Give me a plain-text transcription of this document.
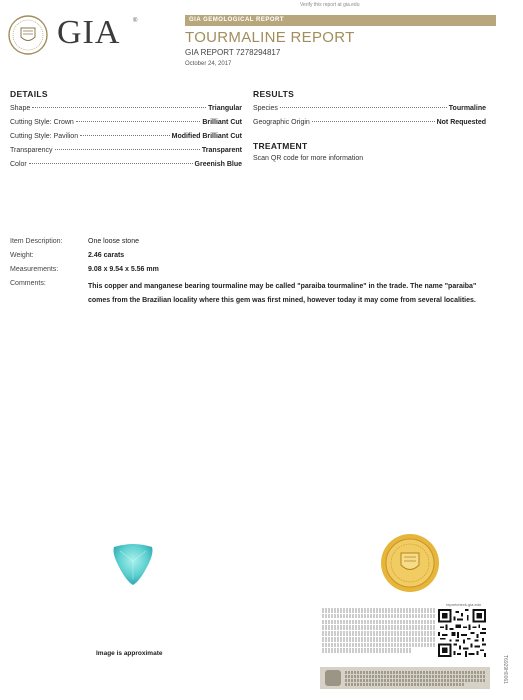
Verify this report at gia.edu
GIA ®	GIA GEMOLOGICAL REPORT
TOURMALINE REPORT
GIA REPORT 7278294817
October 24, 2017
DETAILS
Shape	Triangular
Cutting Style: Crown	Brilliant Cut
Cutting Style: Pavilion	Modified Brilliant Cut
Transparency	Transparent
Color	Greenish Blue
RESULTS
Species	Tourmaline
Geographic Origin	Not Requested
TREATMENT
Scan QR code for more information
Item Description:	One loose stone
Weight:	2.46 carats
Measurements:	9.08 x 9.54 x 5.56 mm
Comments:	This copper and manganese bearing tourmaline may be called "paraiba tourmaline" in the trade. The name "paraiba" comes from the Brazilian locality where this gem was first mined, however today it may come from several localities.
Image is approximate
reportcheck.gia.edu
T6929H0061
